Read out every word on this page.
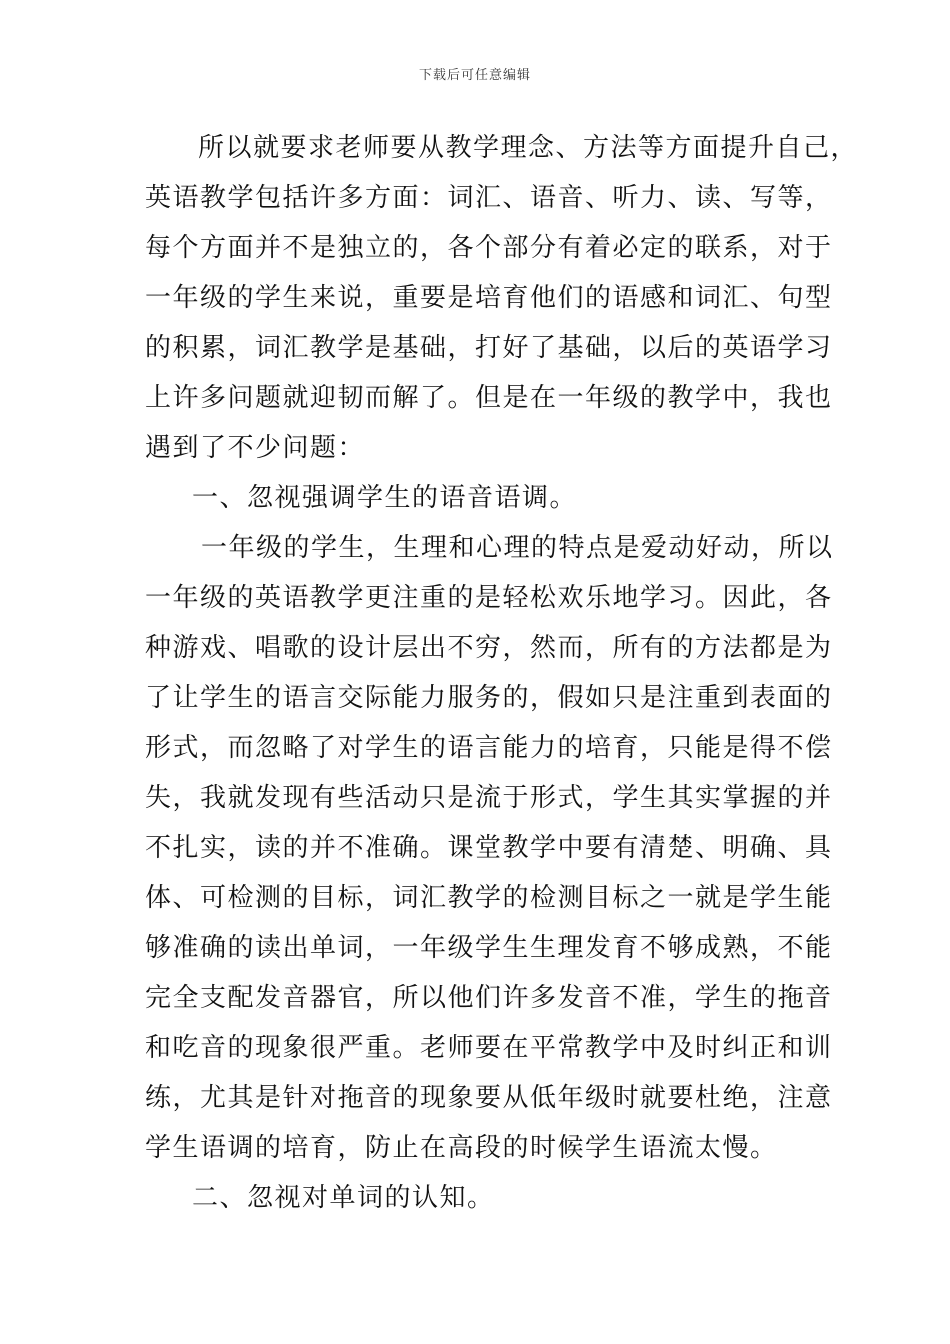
下载后可任意编辑
所以就要求老师要从教学理念、方法等方面提升自己，
英语教学包括许多方面：词汇、语音、听力、读、写等，
每个方面并不是独立的，各个部分有着必定的联系，对于
一年级的学生来说，重要是培育他们的语感和词汇、句型
的积累，词汇教学是基础，打好了基础，以后的英语学习
上许多问题就迎韧而解了。但是在一年级的教学中，我也
遇到了不少问题：
一、忽视强调学生的语音语调。
一年级的学生，生理和心理的特点是爱动好动，所以
一年级的英语教学更注重的是轻松欢乐地学习。因此，各
种游戏、唱歌的设计层出不穷，然而，所有的方法都是为
了让学生的语言交际能力服务的，假如只是注重到表面的
形式，而忽略了对学生的语言能力的培育，只能是得不偿
失，我就发现有些活动只是流于形式，学生其实掌握的并
不扎实，读的并不准确。课堂教学中要有清楚、明确、具
体、可检测的目标，词汇教学的检测目标之一就是学生能
够准确的读出单词，一年级学生生理发育不够成熟，不能
完全支配发音器官，所以他们许多发音不准，学生的拖音
和吃音的现象很严重。老师要在平常教学中及时纠正和训
练，尤其是针对拖音的现象要从低年级时就要杜绝，注意
学生语调的培育，防止在高段的时候学生语流太慢。
二、忽视对单词的认知。
